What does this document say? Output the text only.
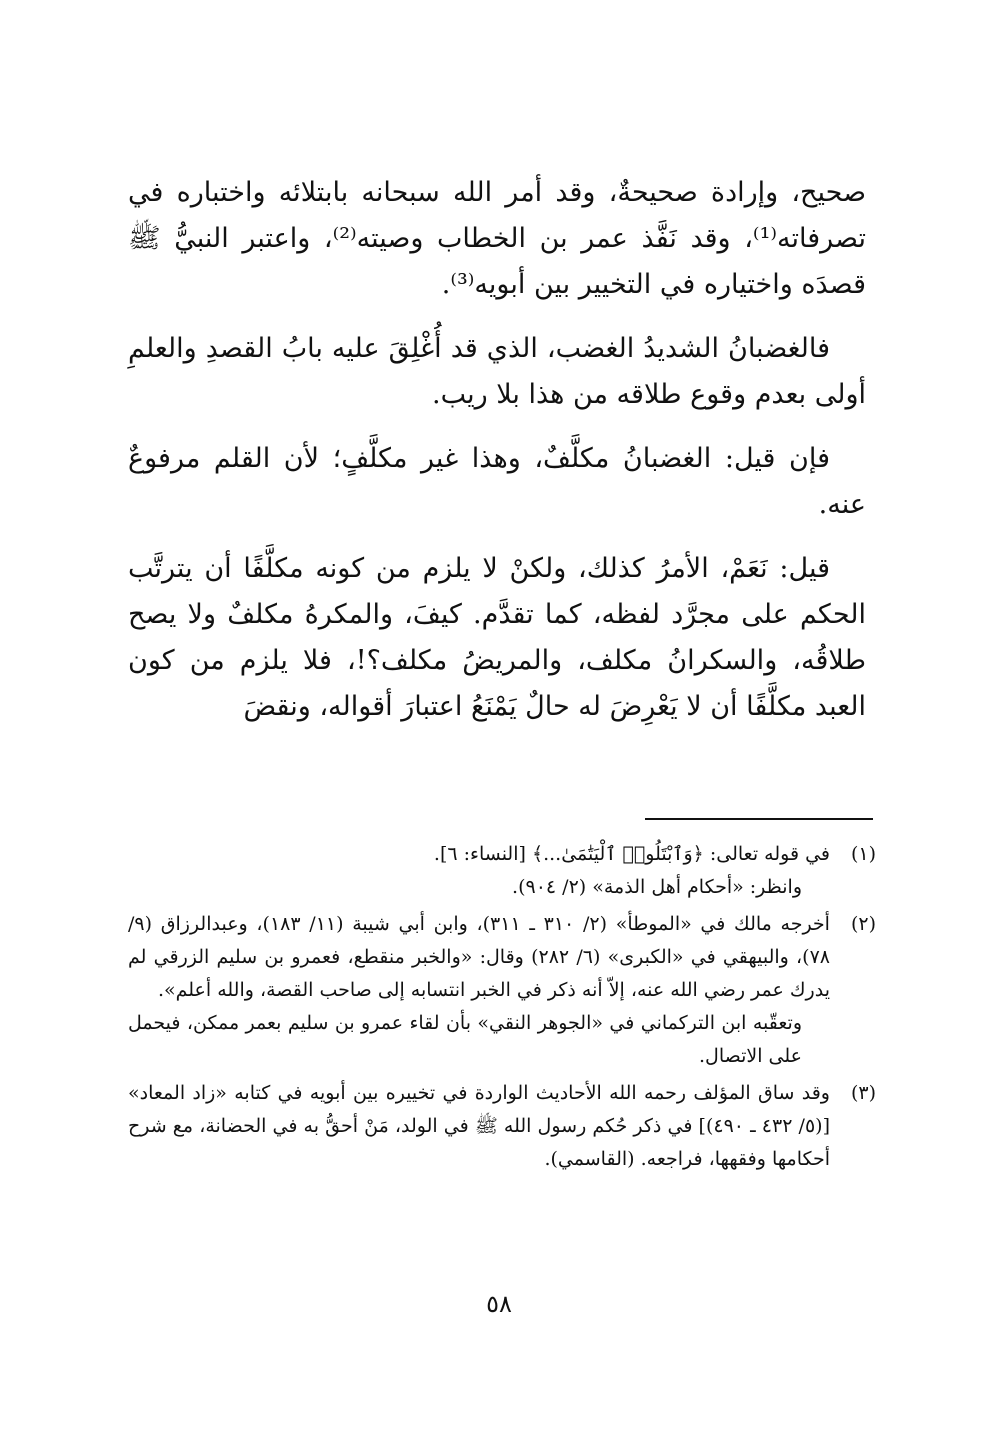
صحيح، وإرادة صحيحةٌ، وقد أمر الله سبحانه بابتلائه واختباره في تصرفاته⁽¹⁾، وقد نَفَّذ عمر بن الخطاب وصيته⁽²⁾، واعتبر النبيُّ ﷺ قصدَه واختياره في التخيير بين أبويه⁽³⁾.

فالغضبانُ الشديدُ الغضب، الذي قد أُغْلِقَ عليه بابُ القصدِ والعلمِ أولى بعدم وقوع طلاقه من هذا بلا ريب.

فإن قيل: الغضبانُ مكلَّفٌ، وهذا غير مكلَّفٍ؛ لأن القلم مرفوعٌ عنه.

قيل: نَعَمْ، الأمرُ كذلك، ولكنْ لا يلزم من كونه مكلَّفًا أن يترتَّب الحكم على مجرَّد لفظه، كما تقدَّم. كيفَ، والمكرهُ مكلفٌ ولا يصح طلاقُه، والسكرانُ مكلف، والمريضُ مكلف؟!، فلا يلزم من كون العبد مكلَّفًا أن لا يَعْرِضَ له حالٌ يَمْنَعُ اعتبارَ أقواله، ونقضَ

(١)
في قوله تعالى: ﴿وَٱبْتَلُوا۟ ٱلْيَتَٰمَىٰ...﴾ [النساء: ٦].
وانظر: «أحكام أهل الذمة» (٢/ ٩٠٤).
(٢)
أخرجه مالك في «الموطأ» (٢/ ٣١٠ ـ ٣١١)، وابن أبي شيبة (١١/ ١٨٣)، وعبدالرزاق (٩/ ٧٨)، والبيهقي في «الكبرى» (٦/ ٢٨٢) وقال: «والخبر منقطع، فعمرو بن سليم الزرقي لم يدرك عمر رضي الله عنه، إلاّ أنه ذكر في الخبر انتسابه إلى صاحب القصة، والله أعلم».
وتعقّبه ابن التركماني في «الجوهر النقي» بأن لقاء عمرو بن سليم بعمر ممكن، فيحمل على الاتصال.
(٣)
وقد ساق المؤلف رحمه الله الأحاديث الواردة في تخييره بين أبويه في كتابه «زاد المعاد» [(٥/ ٤٣٢ ـ ٤٩٠)] في ذكر حُكم رسول الله ﷺ في الولد، مَنْ أحقُّ به في الحضانة، مع شرح أحكامها وفقهها، فراجعه. (القاسمي).
٥٨
